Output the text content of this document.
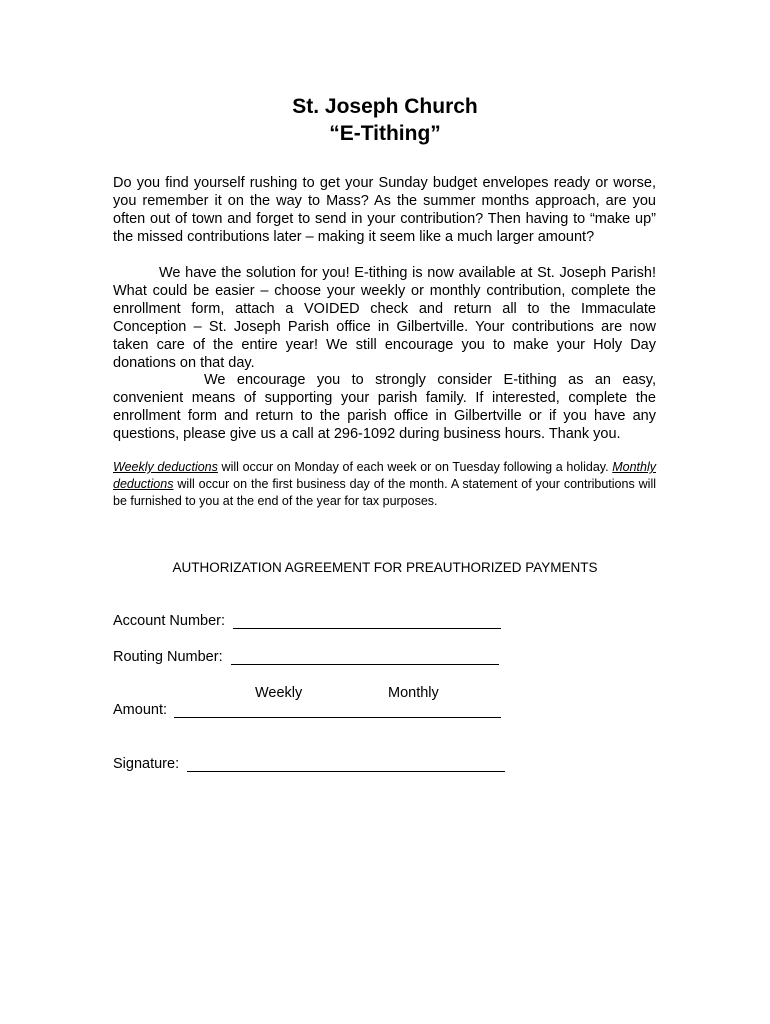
St. Joseph Church
“E-Tithing”
Do you find yourself rushing to get your Sunday budget envelopes ready or worse, you remember it on the way to Mass? As the summer months approach, are you often out of town and forget to send in your contribution? Then having to “make up” the missed contributions later – making it seem like a much larger amount?
We have the solution for you! E-tithing is now available at St. Joseph Parish! What could be easier – choose your weekly or monthly contribution, complete the enrollment form, attach a VOIDED check and return all to the Immaculate Conception – St. Joseph Parish office in Gilbertville. Your contributions are now taken care of the entire year! We still encourage you to make your Holy Day donations on that day.
We encourage you to strongly consider E-tithing as an easy, convenient means of supporting your parish family. If interested, complete the enrollment form and return to the parish office in Gilbertville or if you have any questions, please give us a call at 296-1092 during business hours. Thank you.
Weekly deductions will occur on Monday of each week or on Tuesday following a holiday. Monthly deductions will occur on the first business day of the month. A statement of your contributions will be furnished to you at the end of the year for tax purposes.
AUTHORIZATION AGREEMENT FOR PREAUTHORIZED PAYMENTS
Account Number:
Routing Number:
Weekly	Monthly
Amount:
Signature:
